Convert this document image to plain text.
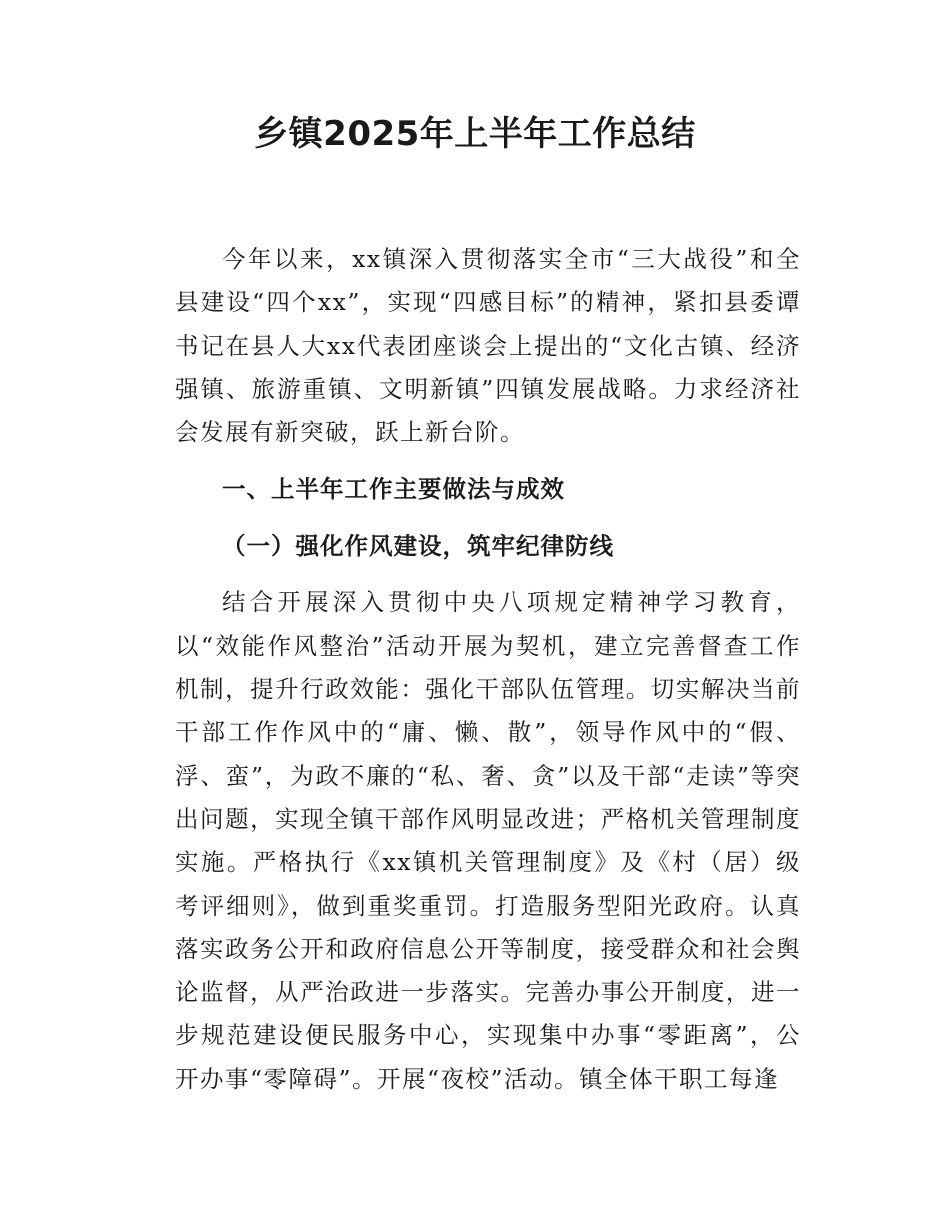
乡镇2025年上半年工作总结

今年以来，xx镇深入贯彻落实全市“三大战役”和全县建设“四个xx”，实现“四感目标”的精神，紧扣县委谭书记在县人大xx代表团座谈会上提出的“文化古镇、经济强镇、旅游重镇、文明新镇”四镇发展战略。力求经济社会发展有新突破，跃上新台阶。

一、上半年工作主要做法与成效
（一）强化作风建设，筑牢纪律防线

结合开展深入贯彻中央八项规定精神学习教育，以“效能作风整治”活动开展为契机，建立完善督查工作机制，提升行政效能：强化干部队伍管理。切实解决当前干部工作作风中的“庸、懒、散”，领导作风中的“假、浮、蛮”，为政不廉的“私、奢、贪”以及干部“走读”等突出问题，实现全镇干部作风明显改进；严格机关管理制度实施。严格执行《xx镇机关管理制度》及《村（居）级考评细则》，做到重奖重罚。打造服务型阳光政府。认真落实政务公开和政府信息公开等制度，接受群众和社会舆论监督，从严治政进一步落实。完善办事公开制度，进一步规范建设便民服务中心，实现集中办事“零距离”，公开办事“零障碍”。开展“夜校”活动。镇全体干职工每逢
